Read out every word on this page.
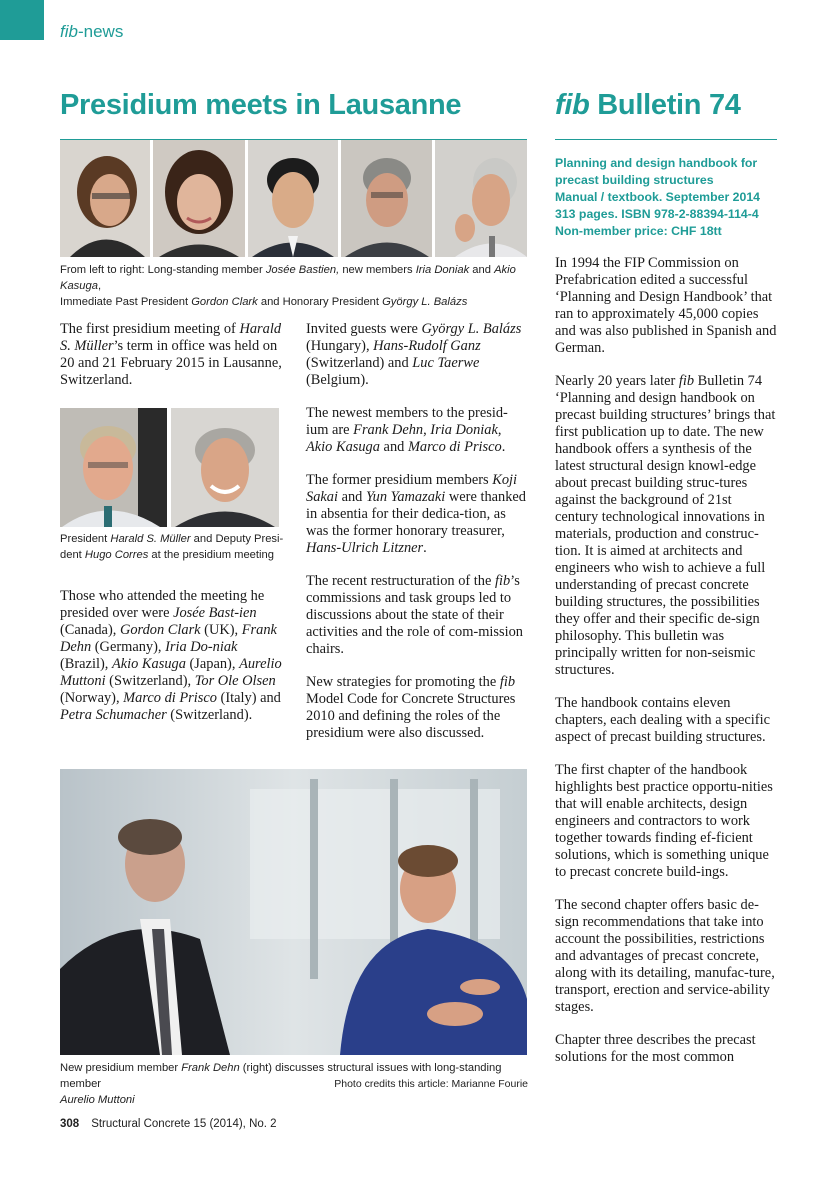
fib-news
Presidium meets in Lausanne	fib Bulletin 74
From left to right: Long-standing member Josée Bastien, new members Iria Doniak and Akio Kasuga,
Immediate Past President Gordon Clark and Honorary President György L. Balázs
The first presidium meeting of Harald S. Müller’s term in office was held on 20 and 21 February 2015 in Lausanne, Switzerland.
President Harald S. Müller and Deputy Presi-dent Hugo Corres at the presidium meeting
Those who attended the meeting he presided over were Josée Bast-ien (Canada), Gordon Clark (UK), Frank Dehn (Germany), Iria Do-niak (Brazil), Akio Kasuga (Japan), Aurelio Muttoni (Switzerland), Tor Ole Olsen (Norway), Marco di Prisco (Italy) and Petra Schumacher (Switzerland).

Invited guests were György L. Balázs (Hungary), Hans-Rudolf Ganz (Switzerland) and Luc Taerwe (Belgium).

The newest members to the presid-ium are Frank Dehn, Iria Doniak, Akio Kasuga and Marco di Prisco.

The former presidium members Koji Sakai and Yun Yamazaki were thanked in absentia for their dedica-tion, as was the former honorary treasurer, Hans-Ulrich Litzner.

The recent restructuration of the fib’s commissions and task groups led to discussions about the state of their activities and the role of com-mission chairs.

New strategies for promoting the fib Model Code for Concrete Structures 2010 and defining the roles of the presidium were also discussed.

New presidium member Frank Dehn (right) discusses structural issues with long-standing member
Aurelio Muttoni
Photo credits this article: Marianne Fourie
Planning and design handbook for
precast building structures
Manual / textbook. September 2014
313 pages. ISBN 978-2-88394-114-4
Non-member price: CHF 18tt

In 1994 the FIP Commission on Prefabrication edited a successful ‘Planning and Design Handbook’ that ran to approximately 45,000 copies and was also published in Spanish and German.

Nearly 20 years later fib Bulletin 74 ‘Planning and design handbook on precast building structures’ brings that first publication up to date. The new handbook offers a synthesis of the latest structural design knowl-edge about precast building struc-tures against the background of 21st century technological innovations in materials, production and construc-tion. It is aimed at architects and engineers who wish to achieve a full understanding of precast concrete building structures, the possibilities they offer and their specific de-sign philosophy. This bulletin was principally written for non-seismic structures.

The handbook contains eleven chapters, each dealing with a specific aspect of precast building structures.

The first chapter of the handbook highlights best practice opportu-nities that will enable architects, design engineers and contractors to work together towards finding ef-ficient solutions, which is something unique to precast concrete build-ings.

The second chapter offers basic de-sign recommendations that take into account the possibilities, restrictions and advantages of precast concrete, along with its detailing, manufac-ture, transport, erection and service-ability stages.

Chapter three describes the precast solutions for the most common

308 Structural Concrete 15 (2014), No. 2
